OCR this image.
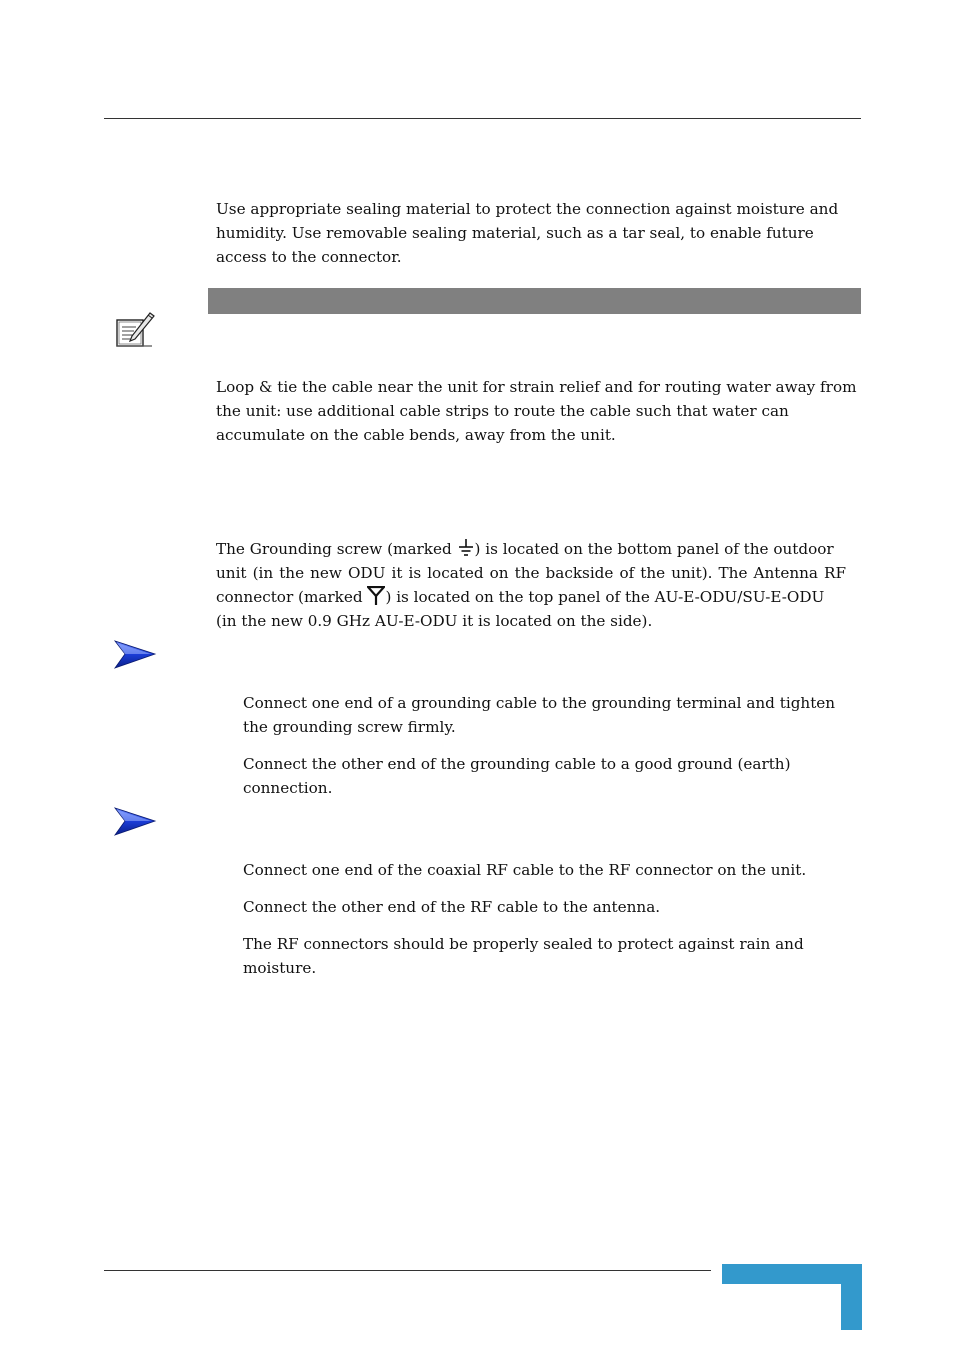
Use appropriate sealing material to protect the connection against moisture and humidity. Use removable sealing material, such as a tar seal, to enable future access to the connector.

Loop & tie the cable near the unit for strain relief and for routing water away from the unit: use additional cable strips to route the cable such that water can accumulate on the cable bends, away from the unit.

The Grounding screw (marked ) is located on the bottom panel of the outdoor
unit (in the new ODU it is located on the backside of the unit). The Antenna RF
connector (marked ) is located on the top panel of the AU-E-ODU/SU-E-ODU
(in the new 0.9 GHz AU-E-ODU it is located on the side).

Connect one end of a grounding cable to the grounding terminal and tighten the grounding screw firmly.

Connect the other end of the grounding cable to a good ground (earth) connection.

Connect one end of the coaxial RF cable to the RF connector on the unit.

Connect the other end of the RF cable to the antenna.

The RF connectors should be properly sealed to protect against rain and moisture.
